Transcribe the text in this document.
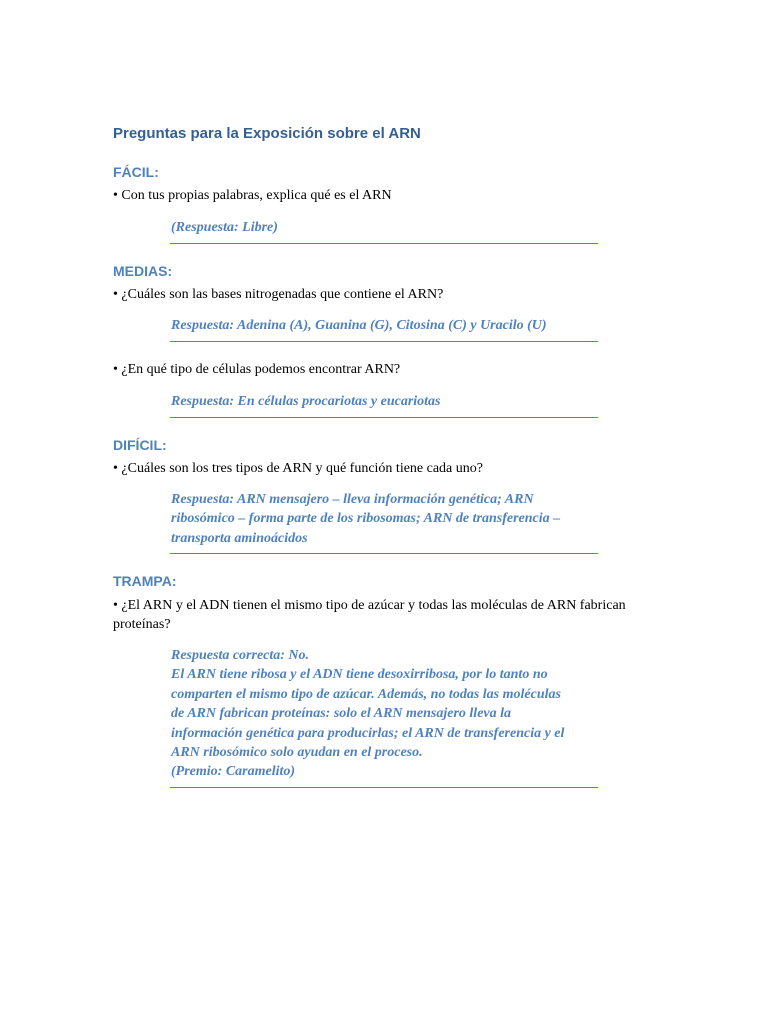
Preguntas para la Exposición sobre el ARN
FÁCIL:
• Con tus propias palabras, explica qué es el ARN
(Respuesta: Libre)
MEDIAS:
• ¿Cuáles son las bases nitrogenadas que contiene el ARN?
Respuesta: Adenina (A), Guanina (G), Citosina (C) y Uracilo (U)
• ¿En qué tipo de células podemos encontrar ARN?
Respuesta: En células procariotas y eucariotas
DIFÍCIL:
• ¿Cuáles son los tres tipos de ARN y qué función tiene cada uno?
Respuesta: ARN mensajero – lleva información genética; ARN
ribosómico – forma parte de los ribosomas; ARN de transferencia –
transporta aminoácidos
TRAMPA:
• ¿El ARN y el ADN tienen el mismo tipo de azúcar y todas las moléculas de ARN fabrican proteínas?
Respuesta correcta: No.
El ARN tiene ribosa y el ADN tiene desoxirribosa, por lo tanto no
comparten el mismo tipo de azúcar. Además, no todas las moléculas
de ARN fabrican proteínas: solo el ARN mensajero lleva la
información genética para producirlas; el ARN de transferencia y el
ARN ribosómico solo ayudan en el proceso.
(Premio: Caramelito)
